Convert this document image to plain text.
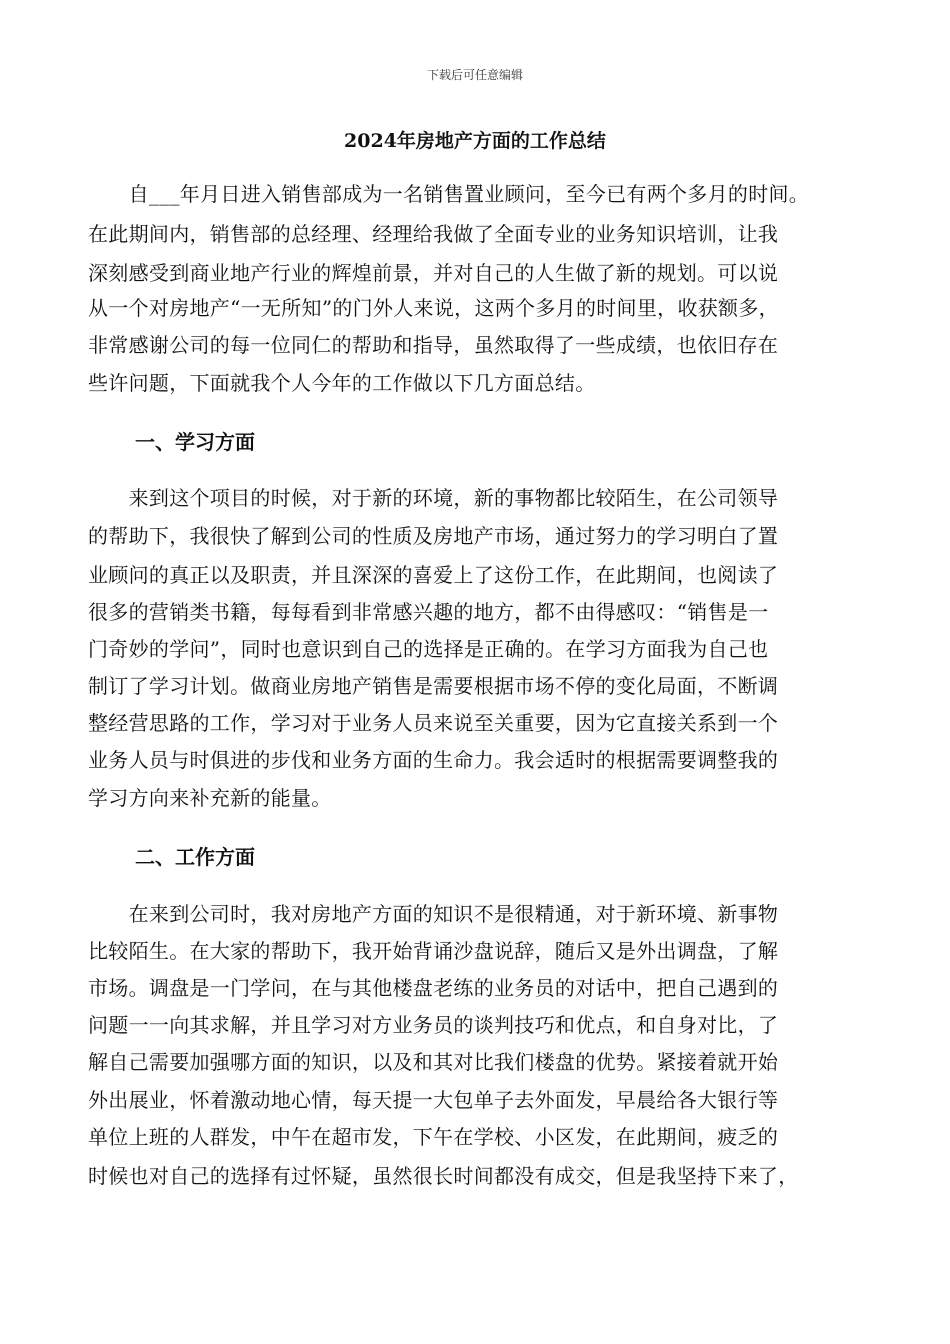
下载后可任意编辑
2024年房地产方面的工作总结
　　自___年月日进入销售部成为一名销售置业顾问，至今已有两个多月的时间。
在此期间内，销售部的总经理、经理给我做了全面专业的业务知识培训，让我
深刻感受到商业地产行业的辉煌前景，并对自己的人生做了新的规划。可以说
从一个对房地产“一无所知”的门外人来说，这两个多月的时间里，收获额多，
非常感谢公司的每一位同仁的帮助和指导，虽然取得了一些成绩，也依旧存在
些许问题，下面就我个人今年的工作做以下几方面总结。
一、学习方面
　　来到这个项目的时候，对于新的环境，新的事物都比较陌生，在公司领导
的帮助下，我很快了解到公司的性质及房地产市场，通过努力的学习明白了置
业顾问的真正以及职责，并且深深的喜爱上了这份工作，在此期间，也阅读了
很多的营销类书籍，每每看到非常感兴趣的地方，都不由得感叹：“销售是一
门奇妙的学问”，同时也意识到自己的选择是正确的。在学习方面我为自己也
制订了学习计划。做商业房地产销售是需要根据市场不停的变化局面，不断调
整经营思路的工作，学习对于业务人员来说至关重要，因为它直接关系到一个
业务人员与时俱进的步伐和业务方面的生命力。我会适时的根据需要调整我的
学习方向来补充新的能量。
二、工作方面
　　在来到公司时，我对房地产方面的知识不是很精通，对于新环境、新事物
比较陌生。在大家的帮助下，我开始背诵沙盘说辞，随后又是外出调盘，了解
市场。调盘是一门学问，在与其他楼盘老练的业务员的对话中，把自己遇到的
问题一一向其求解，并且学习对方业务员的谈判技巧和优点，和自身对比，了
解自己需要加强哪方面的知识，以及和其对比我们楼盘的优势。紧接着就开始
外出展业，怀着激动地心情，每天提一大包单子去外面发，早晨给各大银行等
单位上班的人群发，中午在超市发，下午在学校、小区发，在此期间，疲乏的
时候也对自己的选择有过怀疑，虽然很长时间都没有成交，但是我坚持下来了，
